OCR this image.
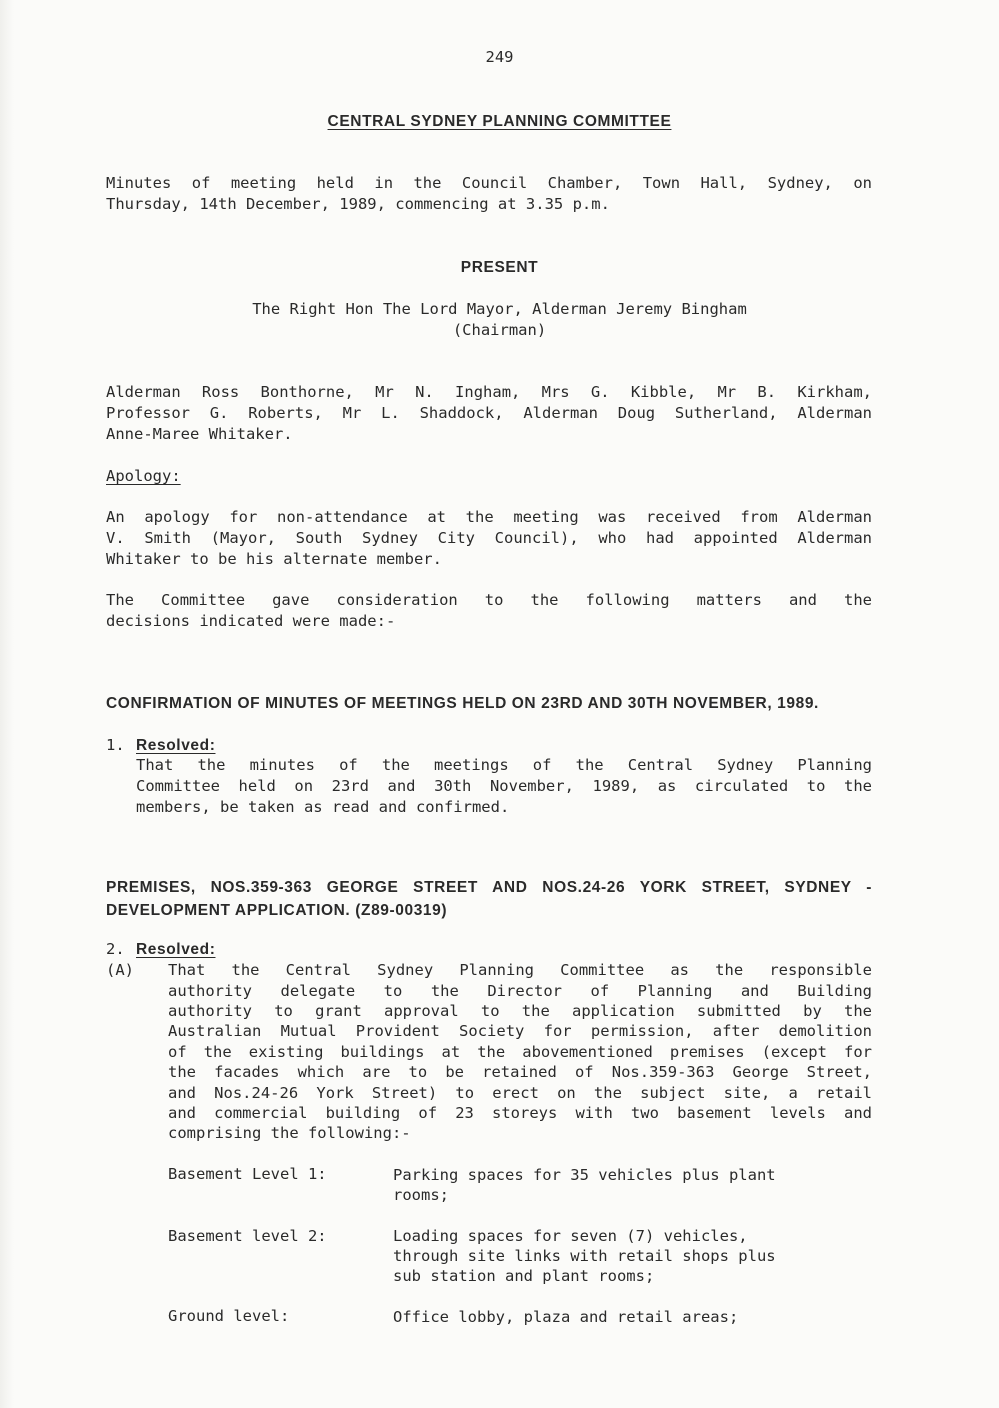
249
CENTRAL SYDNEY PLANNING COMMITTEE
Minutes of meeting held in the Council Chamber, Town Hall, Sydney, on
Thursday, 14th December, 1989, commencing at 3.35 p.m.
PRESENT
The Right Hon The Lord Mayor, Alderman Jeremy Bingham
(Chairman)
Alderman Ross Bonthorne, Mr N. Ingham, Mrs G. Kibble, Mr B. Kirkham,
Professor G. Roberts, Mr L. Shaddock, Alderman Doug Sutherland, Alderman
Anne-Maree Whitaker.
Apology:
An apology for non-attendance at the meeting was received from Alderman
V. Smith (Mayor, South Sydney City Council), who had appointed Alderman
Whitaker to be his alternate member.
The Committee gave consideration to the following matters and the
decisions indicated were made:-
CONFIRMATION OF MINUTES OF MEETINGS HELD ON 23RD AND 30TH NOVEMBER, 1989.
1. Resolved:
That the minutes of the meetings of the Central Sydney Planning
Committee held on 23rd and 30th November, 1989, as circulated to the
members, be taken as read and confirmed.
PREMISES, NOS.359-363 GEORGE STREET AND NOS.24-26 YORK STREET, SYDNEY -
DEVELOPMENT APPLICATION. (Z89-00319)
2. Resolved:
(A) That the Central Sydney Planning Committee as the responsible
authority delegate to the Director of Planning and Building
authority to grant approval to the application submitted by the
Australian Mutual Provident Society for permission, after demolition
of the existing buildings at the abovementioned premises (except for
the facades which are to be retained of Nos.359-363 George Street,
and Nos.24-26 York Street) to erect on the subject site, a retail
and commercial building of 23 storeys with two basement levels and
comprising the following:-
Basement Level 1:	Parking spaces for 35 vehicles plus plant
rooms;
Basement level 2:	Loading spaces for seven (7) vehicles,
through site links with retail shops plus
sub station and plant rooms;
Ground level:	Office lobby, plaza and retail areas;
